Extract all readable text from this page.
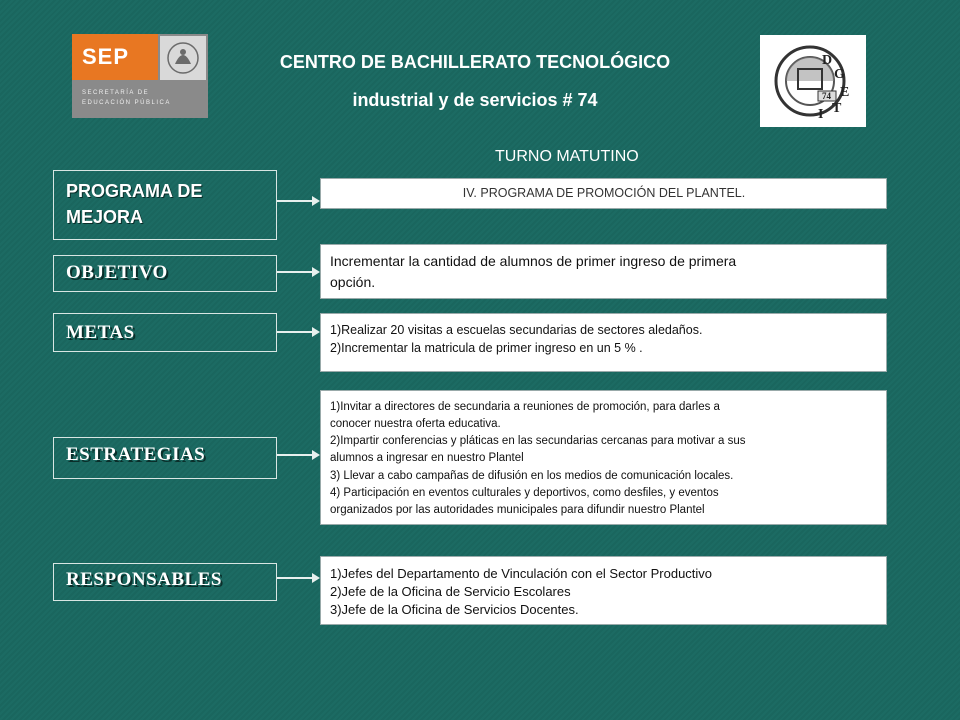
SEP
SECRETARÍA DE
EDUCACIÓN PÚBLICA
CENTRO DE BACHILLERATO TECNOLÓGICO
industrial y de servicios # 74
D
G
E
T
I
74
TURNO MATUTINO
PROGRAMA DE
MEJORA
IV. PROGRAMA DE PROMOCIÓN DEL PLANTEL.
OBJETIVO
Incrementar la cantidad de alumnos de primer ingreso de primera
opción.
METAS	1)Realizar 20 visitas a escuelas secundarias de sectores aledaños.
2)Incrementar la matricula de primer ingreso en un 5 % .
ESTRATEGIAS
1)Invitar a directores de secundaria a reuniones de promoción, para darles a
conocer nuestra oferta educativa.
2)Impartir conferencias y pláticas en las secundarias cercanas para motivar a sus
alumnos a ingresar en nuestro Plantel
3) Llevar a cabo campañas de difusión en los medios de comunicación locales.
4) Participación en eventos culturales y deportivos, como desfiles, y eventos
organizados por las autoridades municipales para difundir nuestro Plantel
RESPONSABLES	1)Jefes del Departamento de Vinculación con el Sector Productivo
2)Jefe de la Oficina de Servicio Escolares
3)Jefe de la Oficina de Servicios Docentes.
